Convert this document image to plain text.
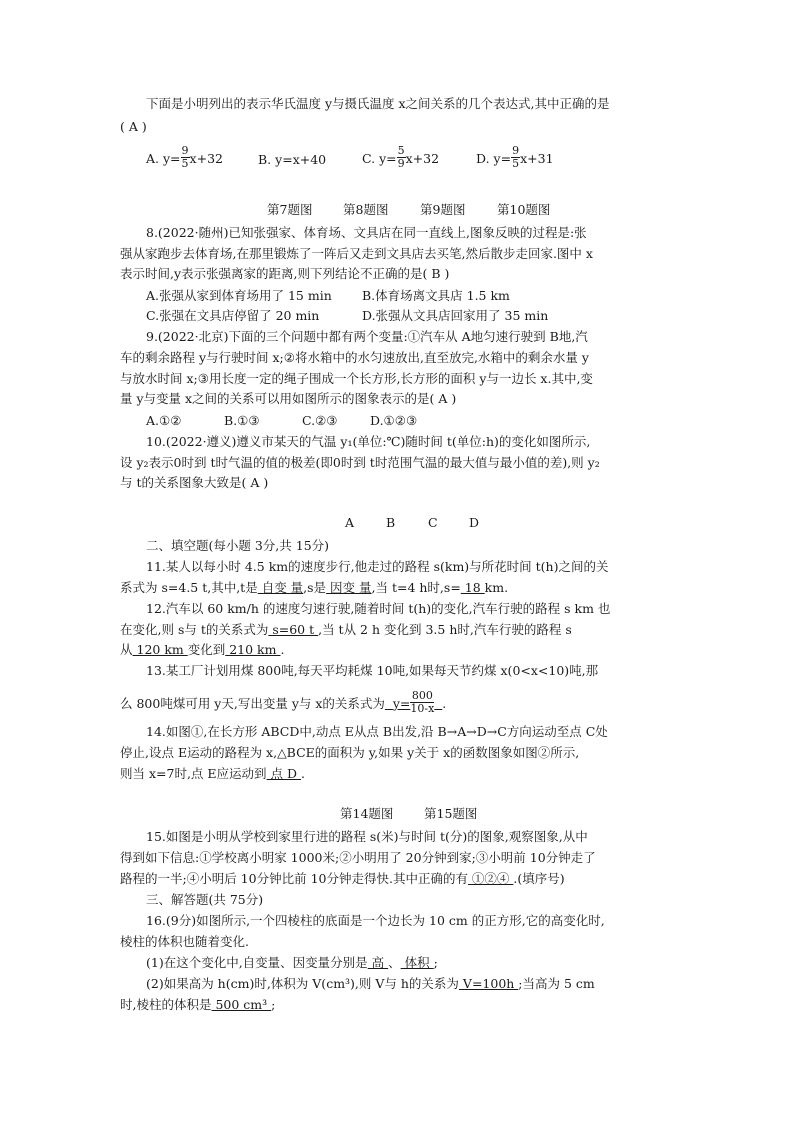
下面是小明列出的表示华氏温度 y与摄氏温度 x之间关系的几个表达式,其中正确的是
( A )
A. $y= \frac{9}{5} x+32$	B. y=x+40	C. $y= \frac{5}{9} x+32$	D. $y= \frac{9}{5} x+31$
第7题图 第8题图	第9题图	第10题图
8.(2022·随州)已知张强家、体育场、文具店在同一直线上,图象反映的过程是:张
强从家跑步去体育场,在那里锻炼了一阵后又走到文具店去买笔,然后散步走回家.图中 x
表示时间,y表示张强离家的距离,则下列结论不正确的是( B )
A.张强从家到体育场用了 15 min B.体育场离文具店 1.5 km
C.张强在文具店停留了 20 min	D.张强从文具店回家用了 35 min
9.(2022·北京)下面的三个问题中都有两个变量:①汽车从 A地匀速行驶到 B地,汽
车的剩余路程 y与行驶时间 x;②将水箱中的水匀速放出,直至放完,水箱中的剩余水量 y
与放水时间 x;③用长度一定的绳子围成一个长方形,长方形的面积 y与一边长 x.其中,变
量 y与变量 x之间的关系可以用如图所示的图象表示的是( A )
A.①②	B.①③	C.②③	D.①②③
10.(2022·遵义)遵义市某天的气温 y₁(单位:℃)随时间 t(单位:h)的变化如图所示,
设 y₂表示0时到 t时气温的值的极差(即0时到 t时范围气温的最大值与最小值的差),则 y₂
与 t的关系图象大致是( A )
A	B	C	D
二、填空题(每小题 3分,共 15分)
11.某人以每小时 4.5 km的速度步行,他走过的路程 s(km)与所花时间 t(h)之间的关
系式为 s=4.5 t,其中,t是 自变 量,s是 因变 量,当 t=4 h时,s= 18 km.
12.汽车以 60 km/h 的速度匀速行驶,随着时间 t(h)的变化,汽车行驶的路程 s km 也
在变化,则 s与 t的关系式为 s=60 t ,当 t从 2 h 变化到 3.5 h时,汽车行驶的路程 s
从 120 km 变化到 210 km .
13.某工厂计划用煤 800吨,每天平均耗煤 10吨,如果每天节约煤 x(0<x<10)吨,那
么 800吨煤可用 y天,写出变量 y与 x的关系式为 $y= \frac{800}{10-x}$ .
14.如图①,在长方形 ABCD中,动点 E从点 B出发,沿 B→A→D→C方向运动至点 C处
停止,设点 E运动的路程为 x,△BCE的面积为 y,如果 y关于 x的函数图象如图②所示,
则当 x=7时,点 E应运动到 点 D .
第14题图 第15题图
15.如图是小明从学校到家里行进的路程 s(米)与时间 t(分)的图象,观察图象,从中
得到如下信息:①学校离小明家 1000米;②小明用了 20分钟到家;③小明前 10分钟走了
路程的一半;④小明后 10分钟比前 10分钟走得快.其中正确的有 ①②④ .(填序号)
三、解答题(共 75分)
16.(9分)如图所示,一个四棱柱的底面是一个边长为 10 cm 的正方形,它的高变化时,
棱柱的体积也随着变化.
(1)在这个变化中,自变量、因变量分别是 高 、 体积 ;
(2)如果高为 h(cm)时,体积为 V(cm³),则 V与 h的关系为 V=100h ;当高为 5 cm
时,棱柱的体积是 500 cm³ ;
